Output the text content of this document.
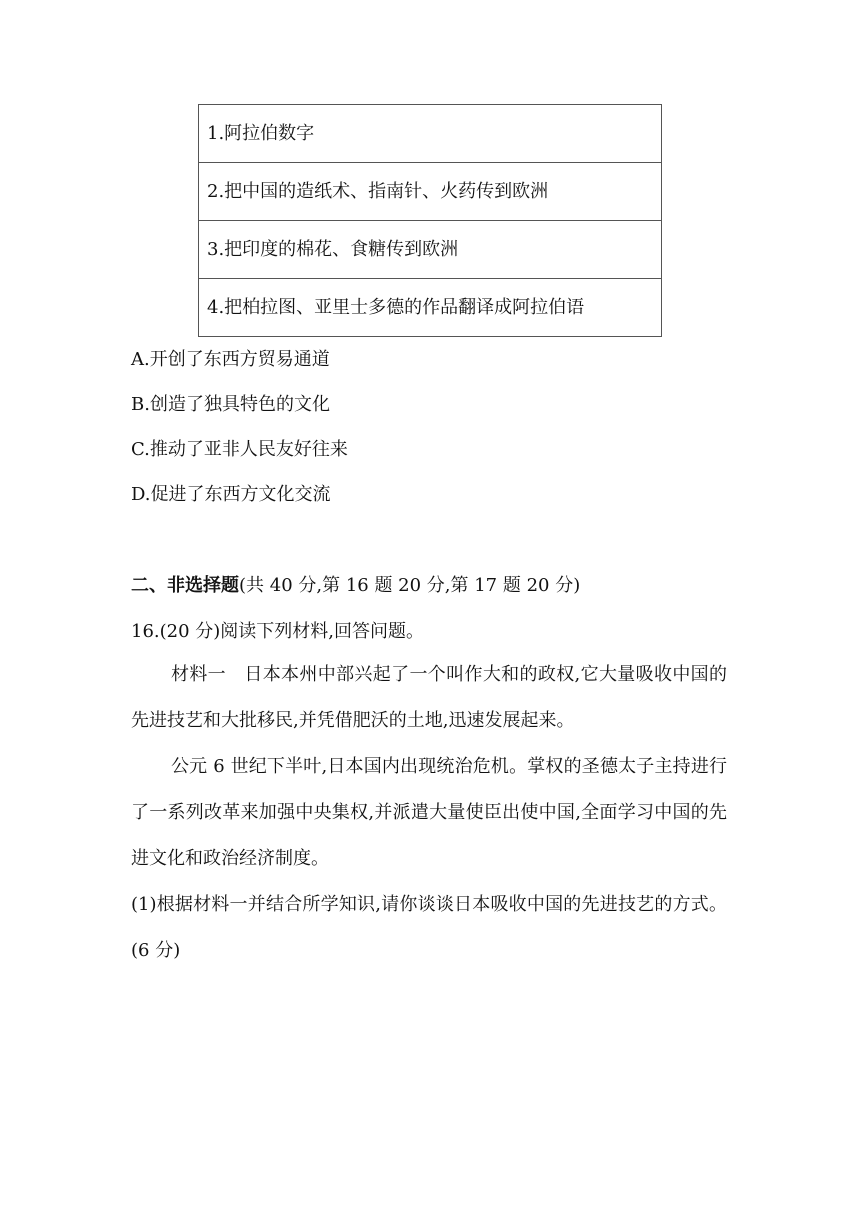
1.阿拉伯数字
2.把中国的造纸术、指南针、火药传到欧洲
3.把印度的棉花、食糖传到欧洲
4.把柏拉图、亚里士多德的作品翻译成阿拉伯语
A.开创了东西方贸易通道
B.创造了独具特色的文化
C.推动了亚非人民友好往来
D.促进了东西方文化交流
二、非选择题(共 40 分,第 16 题 20 分,第 17 题 20 分)
16.(20 分)阅读下列材料,回答问题。
材料一　日本本州中部兴起了一个叫作大和的政权,它大量吸收中国的先进技艺和大批移民,并凭借肥沃的土地,迅速发展起来。
公元 6 世纪下半叶,日本国内出现统治危机。掌权的圣德太子主持进行了一系列改革来加强中央集权,并派遣大量使臣出使中国,全面学习中国的先进文化和政治经济制度。
(1)根据材料一并结合所学知识,请你谈谈日本吸收中国的先进技艺的方式。(6 分)
